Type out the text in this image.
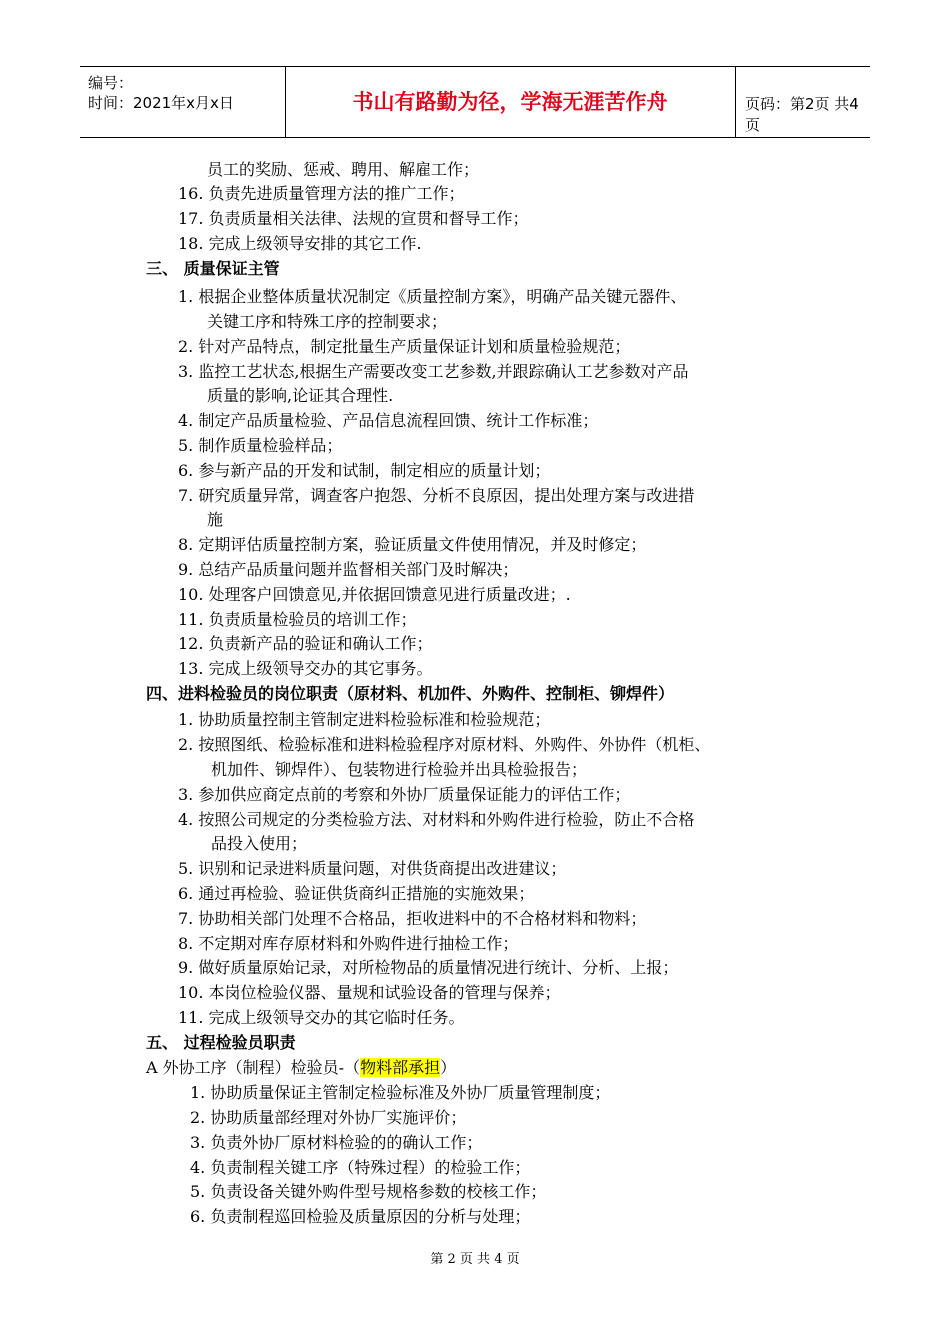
编号：
时间：2021年x月x日	书山有路勤为径，学海无涯苦作舟	页码：第2页 共4页
员工的奖励、惩戒、聘用、解雇工作；
16. 负责先进质量管理方法的推广工作；
17. 负责质量相关法律、法规的宣贯和督导工作；
18. 完成上级领导安排的其它工作.
三、 质量保证主管
1. 根据企业整体质量状况制定《质量控制方案》，明确产品关键元器件、
关键工序和特殊工序的控制要求；
2. 针对产品特点，制定批量生产质量保证计划和质量检验规范；
3. 监控工艺状态,根据生产需要改变工艺参数,并跟踪确认工艺参数对产品
质量的影响,论证其合理性.
4. 制定产品质量检验、产品信息流程回馈、统计工作标准；
5. 制作质量检验样品；
6. 参与新产品的开发和试制，制定相应的质量计划；
7. 研究质量异常，调查客户抱怨、分析不良原因，提出处理方案与改进措
施
8. 定期评估质量控制方案，验证质量文件使用情况，并及时修定；
9. 总结产品质量问题并监督相关部门及时解决；
10. 处理客户回馈意见,并依据回馈意见进行质量改进；.
11. 负责质量检验员的培训工作；
12. 负责新产品的验证和确认工作；
13. 完成上级领导交办的其它事务。
四、进料检验员的岗位职责（原材料、机加件、外购件、控制柜、铆焊件）
1. 协助质量控制主管制定进料检验标准和检验规范；
2. 按照图纸、检验标准和进料检验程序对原材料、外购件、外协件（机柜、
机加件、铆焊件）、包装物进行检验并出具检验报告；
3. 参加供应商定点前的考察和外协厂质量保证能力的评估工作；
4. 按照公司规定的分类检验方法、对材料和外购件进行检验，防止不合格
品投入使用；
5. 识别和记录进料质量问题，对供货商提出改进建议；
6. 通过再检验、验证供货商纠正措施的实施效果；
7. 协助相关部门处理不合格品，拒收进料中的不合格材料和物料；
8. 不定期对库存原材料和外购件进行抽检工作；
9. 做好质量原始记录，对所检物品的质量情况进行统计、分析、上报；
10. 本岗位检验仪器、量规和试验设备的管理与保养；
11. 完成上级领导交办的其它临时任务。
五、 过程检验员职责
A 外协工序（制程）检验员-（物料部承担）
1. 协助质量保证主管制定检验标准及外协厂质量管理制度；
2. 协助质量部经理对外协厂实施评价；
3. 负责外协厂原材料检验的的确认工作；
4. 负责制程关键工序（特殊过程）的检验工作；
5. 负责设备关键外购件型号规格参数的校核工作；
6. 负责制程巡回检验及质量原因的分析与处理；
第 2 页 共 4 页
